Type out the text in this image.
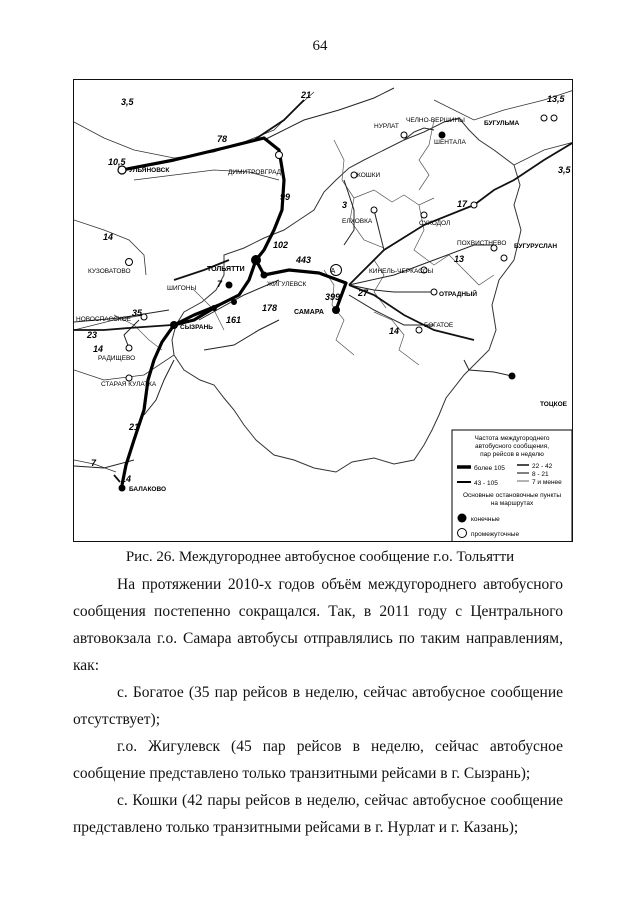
64
A
3,5
21	13,5
78
10,5
3,5
99
3	17
14
102
443	13
7
399 27
178
161
35
23	14
14
21
7
14
УЛЬЯНОВСК	ДИМИТРОВГРАД
ТОЛЬЯТТИ
ЖИГУЛЕВСК
САМАРА
СЫЗРАНЬ
ШИГОНЫ
КУЗОВАТОВО
НОВОСПАССКОЕ
РАДИЩЕВО
СТАРАЯ КУЛАТКА
БАЛАКОВО
НУРЛАТ
ЧЕЛНО-ВЕРШИНЫ
ШЕНТАЛА
КОШКИ
ЕЛХОВКА	СУХОДОЛ
ПОХВИСТНЕВО
КИНЕЛЬ-ЧЕРКАССЫ
ОТРАДНЫЙ
БОГАТОЕ
БУГУЛЬМА
БУГУРУСЛАН
ТОЦКОЕ
Частота междугороднего
автобусного сообщения,
пар рейсов в неделю
более 105
43 - 105
22 - 42
8 - 21
7 и менее
Основные остановочные пункты
на маршрутах
конечные
промежуточные
Рис. 26. Междугороднее автобусное сообщение г.о. Тольятти
На протяжении 2010-х годов объём междугороднего автобусного сообщения постепенно сокращался. Так, в 2011 году с Центрального автовокзала г.о. Самара автобусы отправлялись по таким направлениям, как:
с. Богатое (35 пар рейсов в неделю, сейчас автобусное сообщение отсутствует);
г.о. Жигулевск (45 пар рейсов в неделю, сейчас автобусное сообщение представлено только транзитными рейсами в г. Сызрань);
с. Кошки (42 пары рейсов в неделю, сейчас автобусное сообщение представлено только транзитными рейсами в г. Нурлат и г. Казань);
